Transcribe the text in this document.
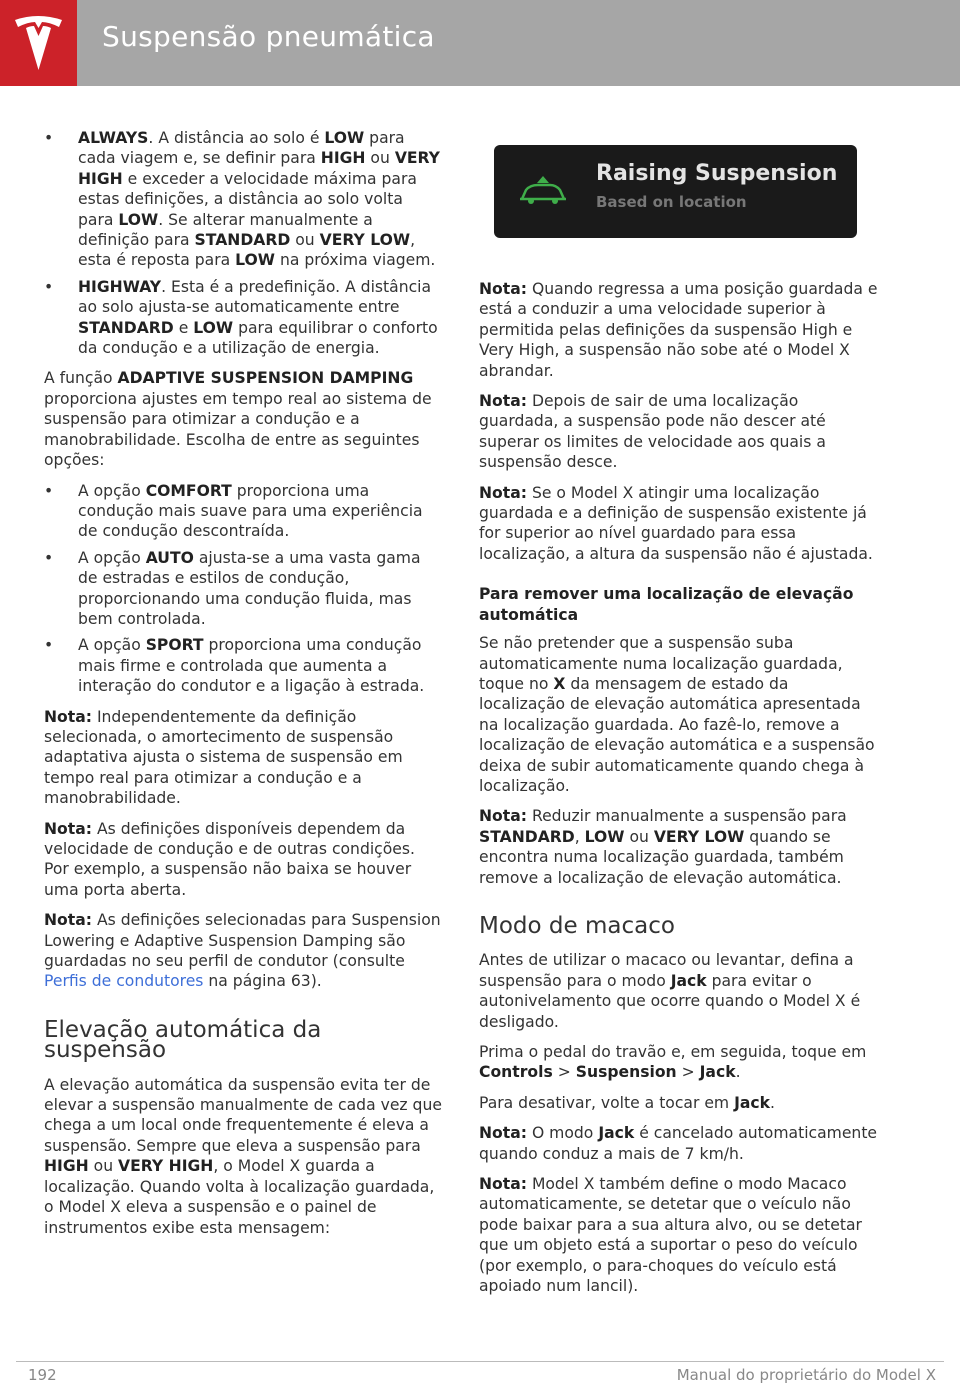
Suspensão pneumática
Raising Suspension
Based on location
• ALWAYS. A distância ao solo é LOW para cada viagem e, se definir para HIGH ou VERY HIGH e exceder a velocidade máxima para estas definições, a distância ao solo volta para LOW. Se alterar manualmente a definição para STANDARD ou VERY LOW, esta é reposta para LOW na próxima viagem.
• HIGHWAY. Esta é a predefinição. A distância ao solo ajusta-se automaticamente entre STANDARD e LOW para equilibrar o conforto da condução e a utilização de energia.

A função ADAPTIVE SUSPENSION DAMPING proporciona ajustes em tempo real ao sistema de suspensão para otimizar a condução e a manobrabilidade. Escolha de entre as seguintes opções:

• A opção COMFORT proporciona uma condução mais suave para uma experiência de condução descontraída.
• A opção AUTO ajusta-se a uma vasta gama de estradas e estilos de condução, proporcionando uma condução fluida, mas bem controlada.
• A opção SPORT proporciona uma condução mais firme e controlada que aumenta a interação do condutor e a ligação à estrada.

Nota: Independentemente da definição selecionada, o amortecimento de suspensão adaptativa ajusta o sistema de suspensão em tempo real para otimizar a condução e a manobrabilidade.

Nota: As definições disponíveis dependem da velocidade de condução e de outras condições. Por exemplo, a suspensão não baixa se houver uma porta aberta.

Nota: As definições selecionadas para Suspension Lowering e Adaptive Suspension Damping são guardadas no seu perfil de condutor (consulte Perfis de condutores na página 63).

Elevação automática da suspensão

A elevação automática da suspensão evita ter de elevar a suspensão manualmente de cada vez que chega a um local onde frequentemente é eleva a suspensão. Sempre que eleva a suspensão para HIGH ou VERY HIGH, o Model X guarda a localização. Quando volta à localização guardada, o Model X eleva a suspensão e o painel de instrumentos exibe esta mensagem:

Nota: Quando regressa a uma posição guardada e está a conduzir a uma velocidade superior à permitida pelas definições da suspensão High e Very High, a suspensão não sobe até o Model X abrandar.

Nota: Depois de sair de uma localização guardada, a suspensão pode não descer até superar os limites de velocidade aos quais a suspensão desce.

Nota: Se o Model X atingir uma localização guardada e a definição de suspensão existente já for superior ao nível guardado para essa localização, a altura da suspensão não é ajustada.

Para remover uma localização de elevação automática

Se não pretender que a suspensão suba automaticamente numa localização guardada, toque no X da mensagem de estado da localização de elevação automática apresentada na localização guardada. Ao fazê-lo, remove a localização de elevação automática e a suspensão deixa de subir automaticamente quando chega à localização.

Nota: Reduzir manualmente a suspensão para STANDARD, LOW ou VERY LOW quando se encontra numa localização guardada, também remove a localização de elevação automática.

Modo de macaco

Antes de utilizar o macaco ou levantar, defina a suspensão para o modo Jack para evitar o autonivelamento que ocorre quando o Model X é desligado.

Prima o pedal do travão e, em seguida, toque em Controls > Suspension > Jack.

Para desativar, volte a tocar em Jack.

Nota: O modo Jack é cancelado automaticamente quando conduz a mais de 7 km/h.

Nota: Model X também define o modo Macaco automaticamente, se detetar que o veículo não pode baixar para a sua altura alvo, ou se detetar que um objeto está a suportar o peso do veículo (por exemplo, o para-choques do veículo está apoiado num lancil).

192	Manual do proprietário do Model X
